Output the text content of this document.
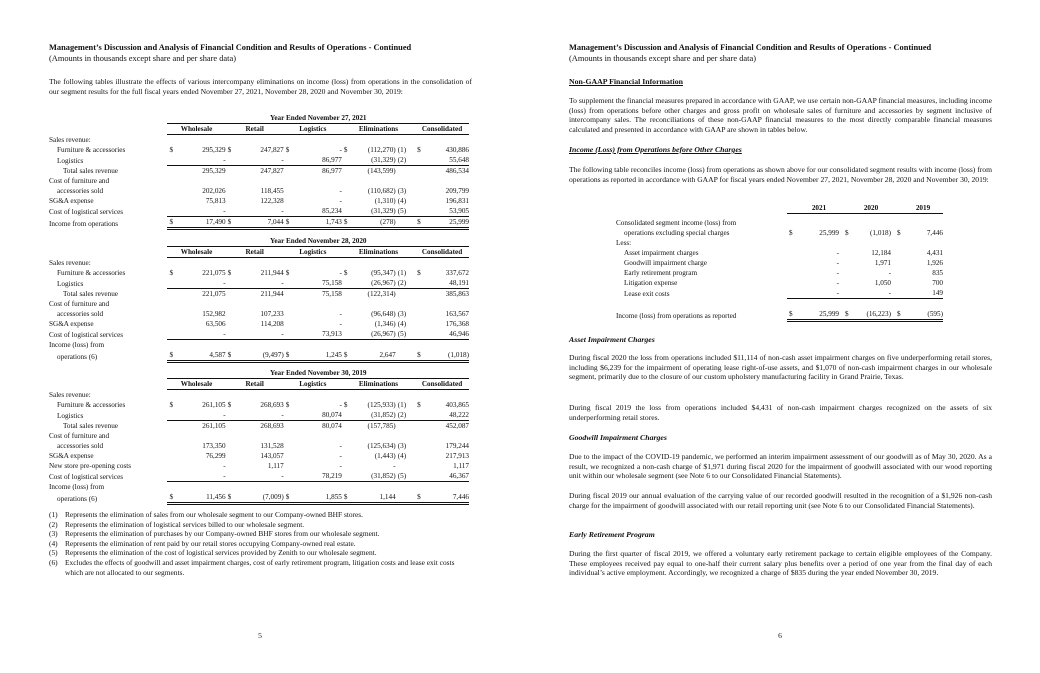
Management’s Discussion and Analysis of Financial Condition and Results of Operations - Continued
(Amounts in thousands except share and per share data)
The following tables illustrate the effects of various intercompany eliminations on income (loss) from operations in the consolidation of our segment results for the full fiscal years ended November 27, 2021, November 28, 2020 and November 30, 2019:
	Year Ended November 27, 2021										
	Wholesale		Retail		Logistics		Eliminations			Consolidated	
Sales revenue:											
Furniture & accessories	$	295,329	$	247,827	$	-	$	(112,270)	(1)	$	430,886
Logistics		-		-		86,977		(31,329)	(2)		55,648
Total sales revenue		295,329		247,827		86,977		(143,599)			486,534
Cost of furniture and											
accessories sold		202,026		118,455		-		(110,682)	(3)		209,799
SG&A expense		75,813		122,328		-		(1,310)	(4)		196,831
Cost of logistical services		-		-		85,234		(31,329)	(5)		53,905
Income from operations	$	17,490	$	7,044	$	1,743	$	(278)		$	25,999
	Year Ended November 28, 2020										
	Wholesale		Retail		Logistics		Eliminations			Consolidated	
Sales revenue:											
Furniture & accessories	$	221,075	$	211,944	$	-	$	(95,347)	(1)	$	337,672
Logistics		-		-		75,158		(26,967)	(2)		48,191
Total sales revenue		221,075		211,944		75,158		(122,314)			385,863
Cost of furniture and											
accessories sold		152,982		107,233		-		(96,648)	(3)		163,567
SG&A expense		63,506		114,208		-		(1,346)	(4)		176,368
Cost of logistical services		-		-		73,913		(26,967)	(5)		46,946
Income (loss) from											
operations (6)	$	4,587	$	(9,497)	$	1,245	$	2,647		$	(1,018)
	Year Ended November 30, 2019										
	Wholesale		Retail		Logistics		Eliminations			Consolidated	
Sales revenue:											
Furniture & accessories	$	261,105	$	268,693	$	-	$	(125,933)	(1)	$	403,865
Logistics		-		-		80,074		(31,852)	(2)		48,222
Total sales revenue		261,105		268,693		80,074		(157,785)			452,087
Cost of furniture and											
accessories sold		173,350		131,528		-		(125,634)	(3)		179,244
SG&A expense		76,299		143,057		-		(1,443)	(4)		217,913
New store pre-opening costs		-		1,117		-		-			1,117
Cost of logistical services		-		-		78,219		(31,852)	(5)		46,367
Income (loss) from											
operations (6)	$	11,456	$	(7,009)	$	1,855	$	1,144		$	7,446
(1) Represents the elimination of sales from our wholesale segment to our Company-owned BHF stores.
(2) Represents the elimination of logistical services billed to our wholesale segment.
(3) Represents the elimination of purchases by our Company-owned BHF stores from our wholesale segment.
(4) Represents the elimination of rent paid by our retail stores occupying Company-owned real estate.
(5) Represents the elimination of the cost of logistical services provided by Zenith to our wholesale segment.
(6) Excludes the effects of goodwill and asset impairment charges, cost of early retirement program, litigation costs and lease exit costs which are not allocated to our segments.
5
Management’s Discussion and Analysis of Financial Condition and Results of Operations - Continued
(Amounts in thousands except share and per share data)
Non-GAAP Financial Information
To supplement the financial measures prepared in accordance with GAAP, we use certain non-GAAP financial measures, including income (loss) from operations before other charges and gross profit on wholesale sales of furniture and accessories by segment inclusive of intercompany sales. The reconciliations of these non-GAAP financial measures to the most directly comparable financial measures calculated and presented in accordance with GAAP are shown in tables below.
Income (Loss) from Operations before Other Charges
The following table reconciles income (loss) from operations as shown above for our consolidated segment results with income (loss) from operations as reported in accordance with GAAP for fiscal years ended November 27, 2021, November 28, 2020 and November 30, 2019:
	2021		2020		2019	

Consolidated segment income (loss) from						
operations excluding special charges	$	25,999	$	(1,018)	$	7,446
Less:						
Asset impairment charges		-		12,184		4,431
Goodwill impairment charge		-		1,971		1,926
Early retirement program		-		-		835
Litigation expense		-		1,050		700
Lease exit costs		-		-		149

Income (loss) from operations as reported	$	25,999	$	(16,223)	$	(595)
Asset Impairment Charges
During fiscal 2020 the loss from operations included $11,114 of non-cash asset impairment charges on five underperforming retail stores, including $6,239 for the impairment of operating lease right-of-use assets, and $1,070 of non-cash impairment charges in our wholesale segment, primarily due to the closure of our custom upholstery manufacturing facility in Grand Prairie, Texas.
During fiscal 2019 the loss from operations included $4,431 of non-cash impairment charges recognized on the assets of six underperforming retail stores.
Goodwill Impairment Charges
Due to the impact of the COVID-19 pandemic, we performed an interim impairment assessment of our goodwill as of May 30, 2020. As a result, we recognized a non-cash charge of $1,971 during fiscal 2020 for the impairment of goodwill associated with our wood reporting unit within our wholesale segment (see Note 6 to our Consolidated Financial Statements).
During fiscal 2019 our annual evaluation of the carrying value of our recorded goodwill resulted in the recognition of a $1,926 non-cash charge for the impairment of goodwill associated with our retail reporting unit (see Note 6 to our Consolidated Financial Statements).
Early Retirement Program
During the first quarter of fiscal 2019, we offered a voluntary early retirement package to certain eligible employees of the Company. These employees received pay equal to one-half their current salary plus benefits over a period of one year from the final day of each individual’s active employment. Accordingly, we recognized a charge of $835 during the year ended November 30, 2019.
6
